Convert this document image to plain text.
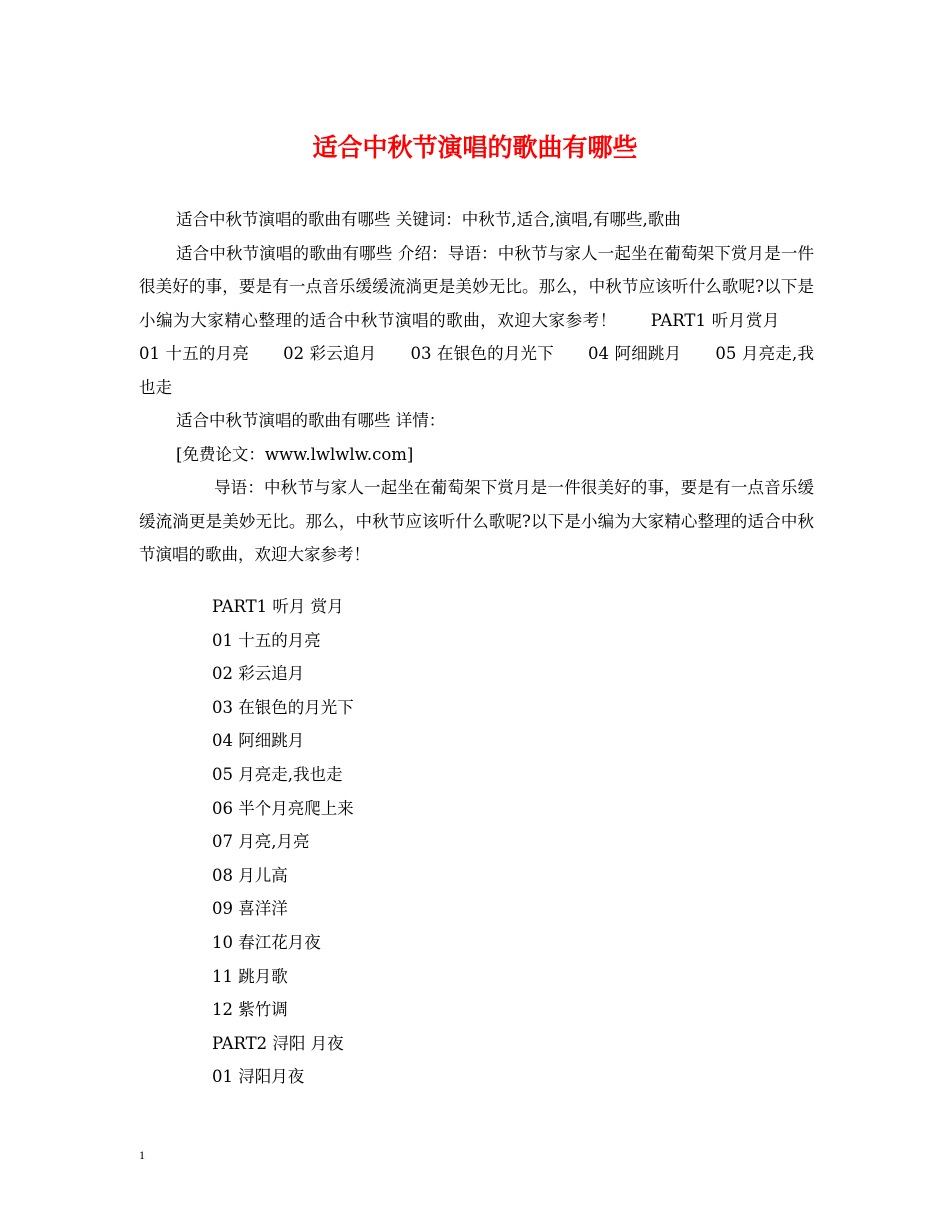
适合中秋节演唱的歌曲有哪些

适合中秋节演唱的歌曲有哪些 关键词：中秋节,适合,演唱,有哪些,歌曲

适合中秋节演唱的歌曲有哪些 介绍：导语：中秋节与家人一起坐在葡萄架下赏月是一件很美好的事，要是有一点音乐缓缓流淌更是美妙无比。那么，中秋节应该听什么歌呢?以下是小编为大家精心整理的适合中秋节演唱的歌曲，欢迎大家参考！ PART1 听月赏月01 十五的月亮 02 彩云追月 03 在银色的月光下 04 阿细跳月 05 月亮走,我也走

适合中秋节演唱的歌曲有哪些 详情：

[免费论文：www.lwlwlw.com]

导语：中秋节与家人一起坐在葡萄架下赏月是一件很美好的事，要是有一点音乐缓缓流淌更是美妙无比。那么，中秋节应该听什么歌呢?以下是小编为大家精心整理的适合中秋节演唱的歌曲，欢迎大家参考！

PART1 听月 赏月
01 十五的月亮
02 彩云追月
03 在银色的月光下
04 阿细跳月
05 月亮走,我也走
06 半个月亮爬上来
07 月亮,月亮
08 月儿高
09 喜洋洋
10 春江花月夜
11 跳月歌
12 紫竹调
PART2 浔阳 月夜
01 浔阳月夜
1
